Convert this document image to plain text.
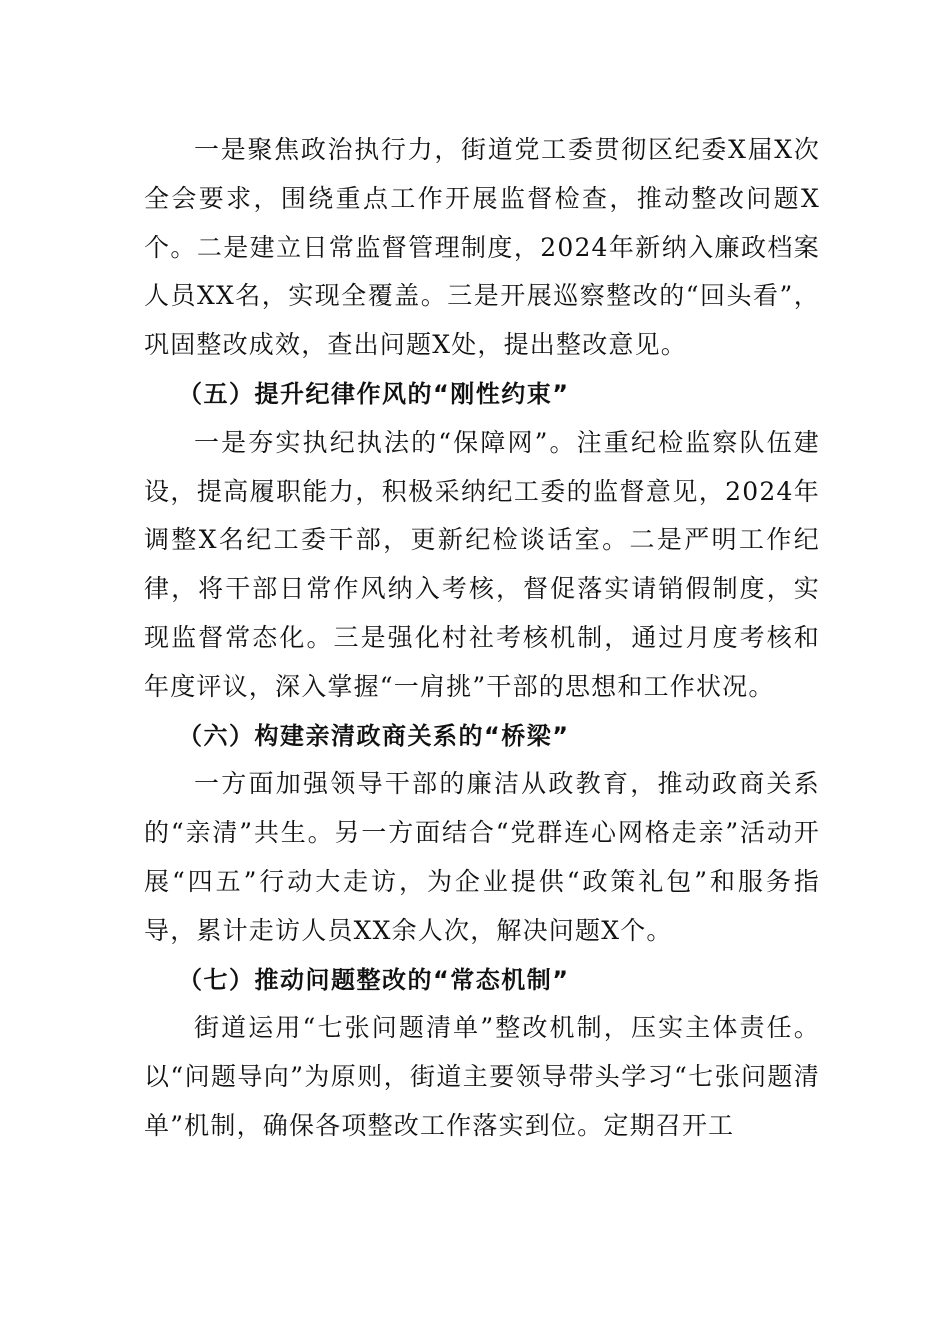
一是聚焦政治执行力，街道党工委贯彻区纪委X届X次全会要求，围绕重点工作开展监督检查，推动整改问题X个。二是建立日常监督管理制度，2024年新纳入廉政档案人员XX名，实现全覆盖。三是开展巡察整改的“回头看”，巩固整改成效，查出问题X处，提出整改意见。

（五）提升纪律作风的“刚性约束”

一是夯实执纪执法的“保障网”。注重纪检监察队伍建设，提高履职能力，积极采纳纪工委的监督意见，2024年调整X名纪工委干部，更新纪检谈话室。二是严明工作纪律，将干部日常作风纳入考核，督促落实请销假制度，实现监督常态化。三是强化村社考核机制，通过月度考核和年度评议，深入掌握“一肩挑”干部的思想和工作状况。

（六）构建亲清政商关系的“桥梁”

一方面加强领导干部的廉洁从政教育，推动政商关系的“亲清”共生。另一方面结合“党群连心网格走亲”活动开展“四五”行动大走访，为企业提供“政策礼包”和服务指导，累计走访人员XX余人次，解决问题X个。

（七）推动问题整改的“常态机制”

街道运用“七张问题清单”整改机制，压实主体责任。以“问题导向”为原则，街道主要领导带头学习“七张问题清单”机制，确保各项整改工作落实到位。定期召开工
